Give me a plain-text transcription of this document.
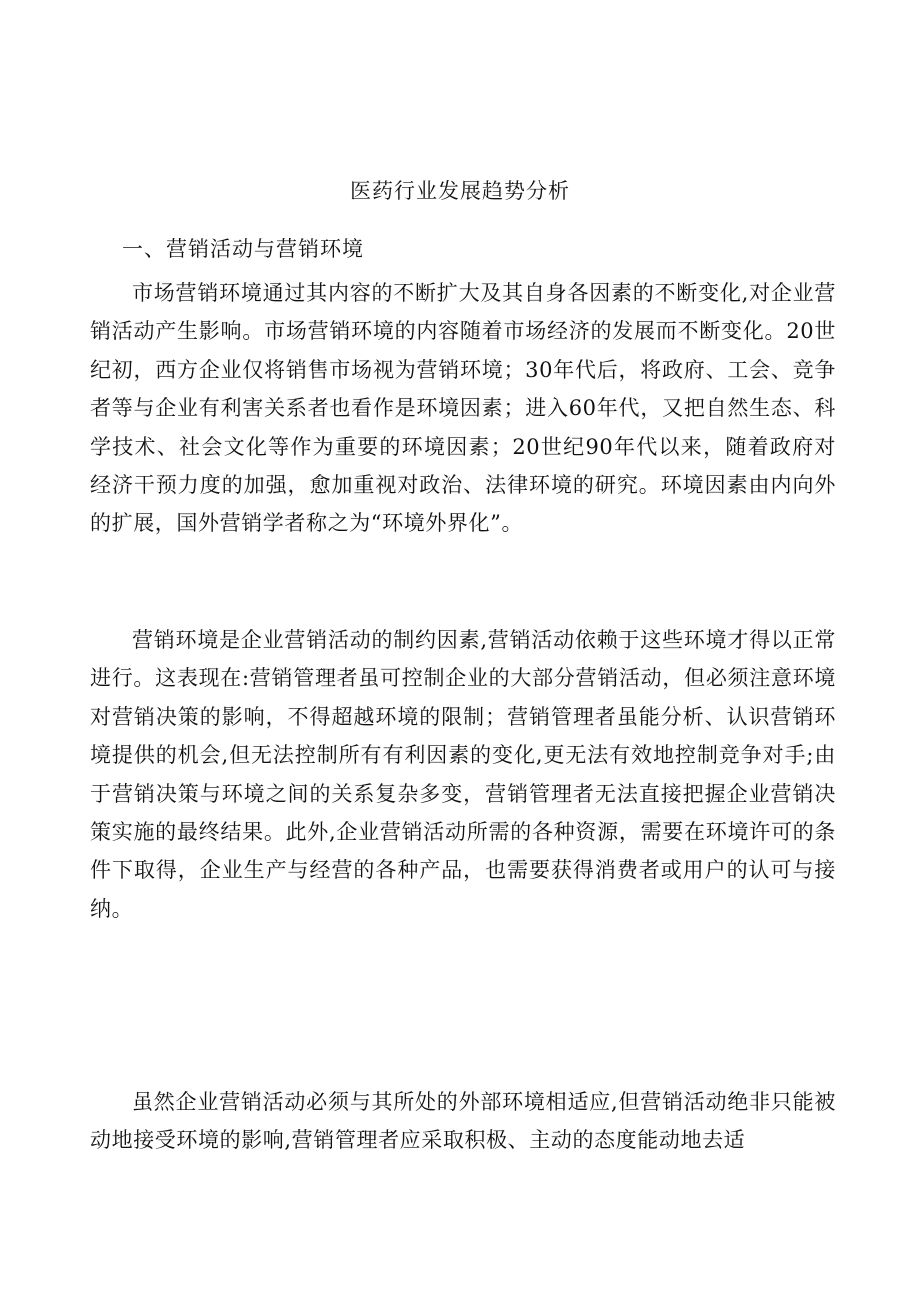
医药行业发展趋势分析
一、营销活动与营销环境

市场营销环境通过其内容的不断扩大及其自身各因素的不断变化,对企业营销活动产生影响。市场营销环境的内容随着市场经济的发展而不断变化。20世纪初，西方企业仅将销售市场视为营销环境；30年代后，将政府、工会、竞争者等与企业有利害关系者也看作是环境因素；进入60年代，又把自然生态、科学技术、社会文化等作为重要的环境因素；20世纪90年代以来，随着政府对经济干预力度的加强，愈加重视对政治、法律环境的研究。环境因素由内向外的扩展，国外营销学者称之为“环境外界化”。

营销环境是企业营销活动的制约因素,营销活动依赖于这些环境才得以正常进行。这表现在:营销管理者虽可控制企业的大部分营销活动，但必须注意环境对营销决策的影响，不得超越环境的限制；营销管理者虽能分析、认识营销环境提供的机会,但无法控制所有有利因素的变化,更无法有效地控制竞争对手;由于营销决策与环境之间的关系复杂多变，营销管理者无法直接把握企业营销决策实施的最终结果。此外,企业营销活动所需的各种资源，需要在环境许可的条件下取得，企业生产与经营的各种产品，也需要获得消费者或用户的认可与接纳。

虽然企业营销活动必须与其所处的外部环境相适应,但营销活动绝非只能被动地接受环境的影响,营销管理者应采取积极、主动的态度能动地去适
